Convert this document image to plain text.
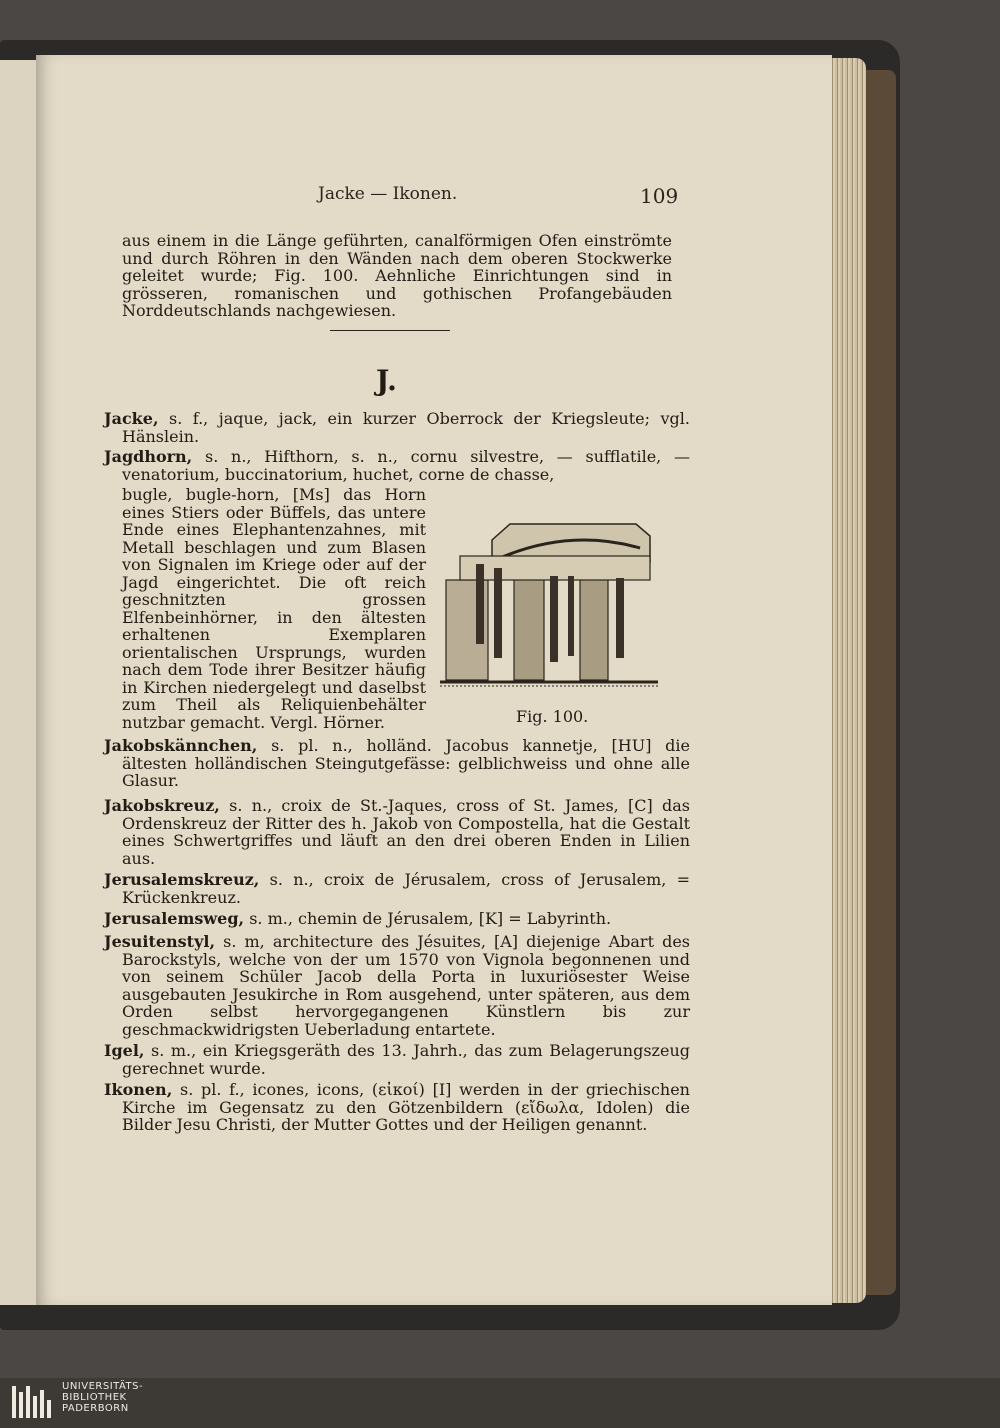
Jacke — Ikonen.	109
aus einem in die Länge geführten, canalförmigen Ofen einströmte und durch Röhren in den Wänden nach dem oberen Stockwerke geleitet wurde; Fig. 100. Aehnliche Einrichtungen sind in grösseren, romanischen und gothischen Profangebäuden Norddeutschlands nachgewiesen.
J.
Jacke, s. f., jaque, jack, ein kurzer Oberrock der Kriegsleute; vgl. Hänslein.
Jagdhorn, s. n., Hifthorn, s. n., cornu silvestre, — sufflatile, — venatorium, buccinatorium, huchet, corne de chasse,
bugle, bugle-horn, [Ms] das Horn eines Stiers oder Büffels, das untere Ende eines Elephantenzahnes, mit Metall beschlagen und zum Blasen von Signalen im Kriege oder auf der Jagd eingerichtet. Die oft reich geschnitzten grossen Elfenbeinhörner, in den ältesten erhaltenen Exemplaren orientalischen Ursprungs, wurden nach dem Tode ihrer Besitzer häufig in Kirchen niedergelegt und daselbst zum Theil als Reliquienbehälter nutzbar gemacht. Vergl. Hörner.	Fig. 100.
Jakobskännchen, s. pl. n., holländ. Jacobus kannetje, [HU] die ältesten holländischen Steingutgefässe: gelblichweiss und ohne alle Glasur.
Jakobskreuz, s. n., croix de St.-Jaques, cross of St. James, [C] das Ordenskreuz der Ritter des h. Jakob von Compostella, hat die Gestalt eines Schwertgriffes und läuft an den drei oberen Enden in Lilien aus.
Jerusalemskreuz, s. n., croix de Jérusalem, cross of Jerusalem, = Krückenkreuz.
Jerusalemsweg, s. m., chemin de Jérusalem, [K] = Labyrinth.
Jesuitenstyl, s. m, architecture des Jésuites, [A] diejenige Abart des Barockstyls, welche von der um 1570 von Vignola begonnenen und von seinem Schüler Jacob della Porta in luxuriösester Weise ausgebauten Jesukirche in Rom ausgehend, unter späteren, aus dem Orden selbst hervorgegangenen Künstlern bis zur geschmackwidrigsten Ueberladung entartete.
Igel, s. m., ein Kriegsgeräth des 13. Jahrh., das zum Belagerungszeug gerechnet wurde.
Ikonen, s. pl. f., icones, icons, (εἰκοί) [I] werden in der griechischen Kirche im Gegensatz zu den Götzenbildern (εἴδωλα, Idolen) die Bilder Jesu Christi, der Mutter Gottes und der Heiligen genannt.
UNIVERSITÄTS-
BIBLIOTHEK
PADERBORN
